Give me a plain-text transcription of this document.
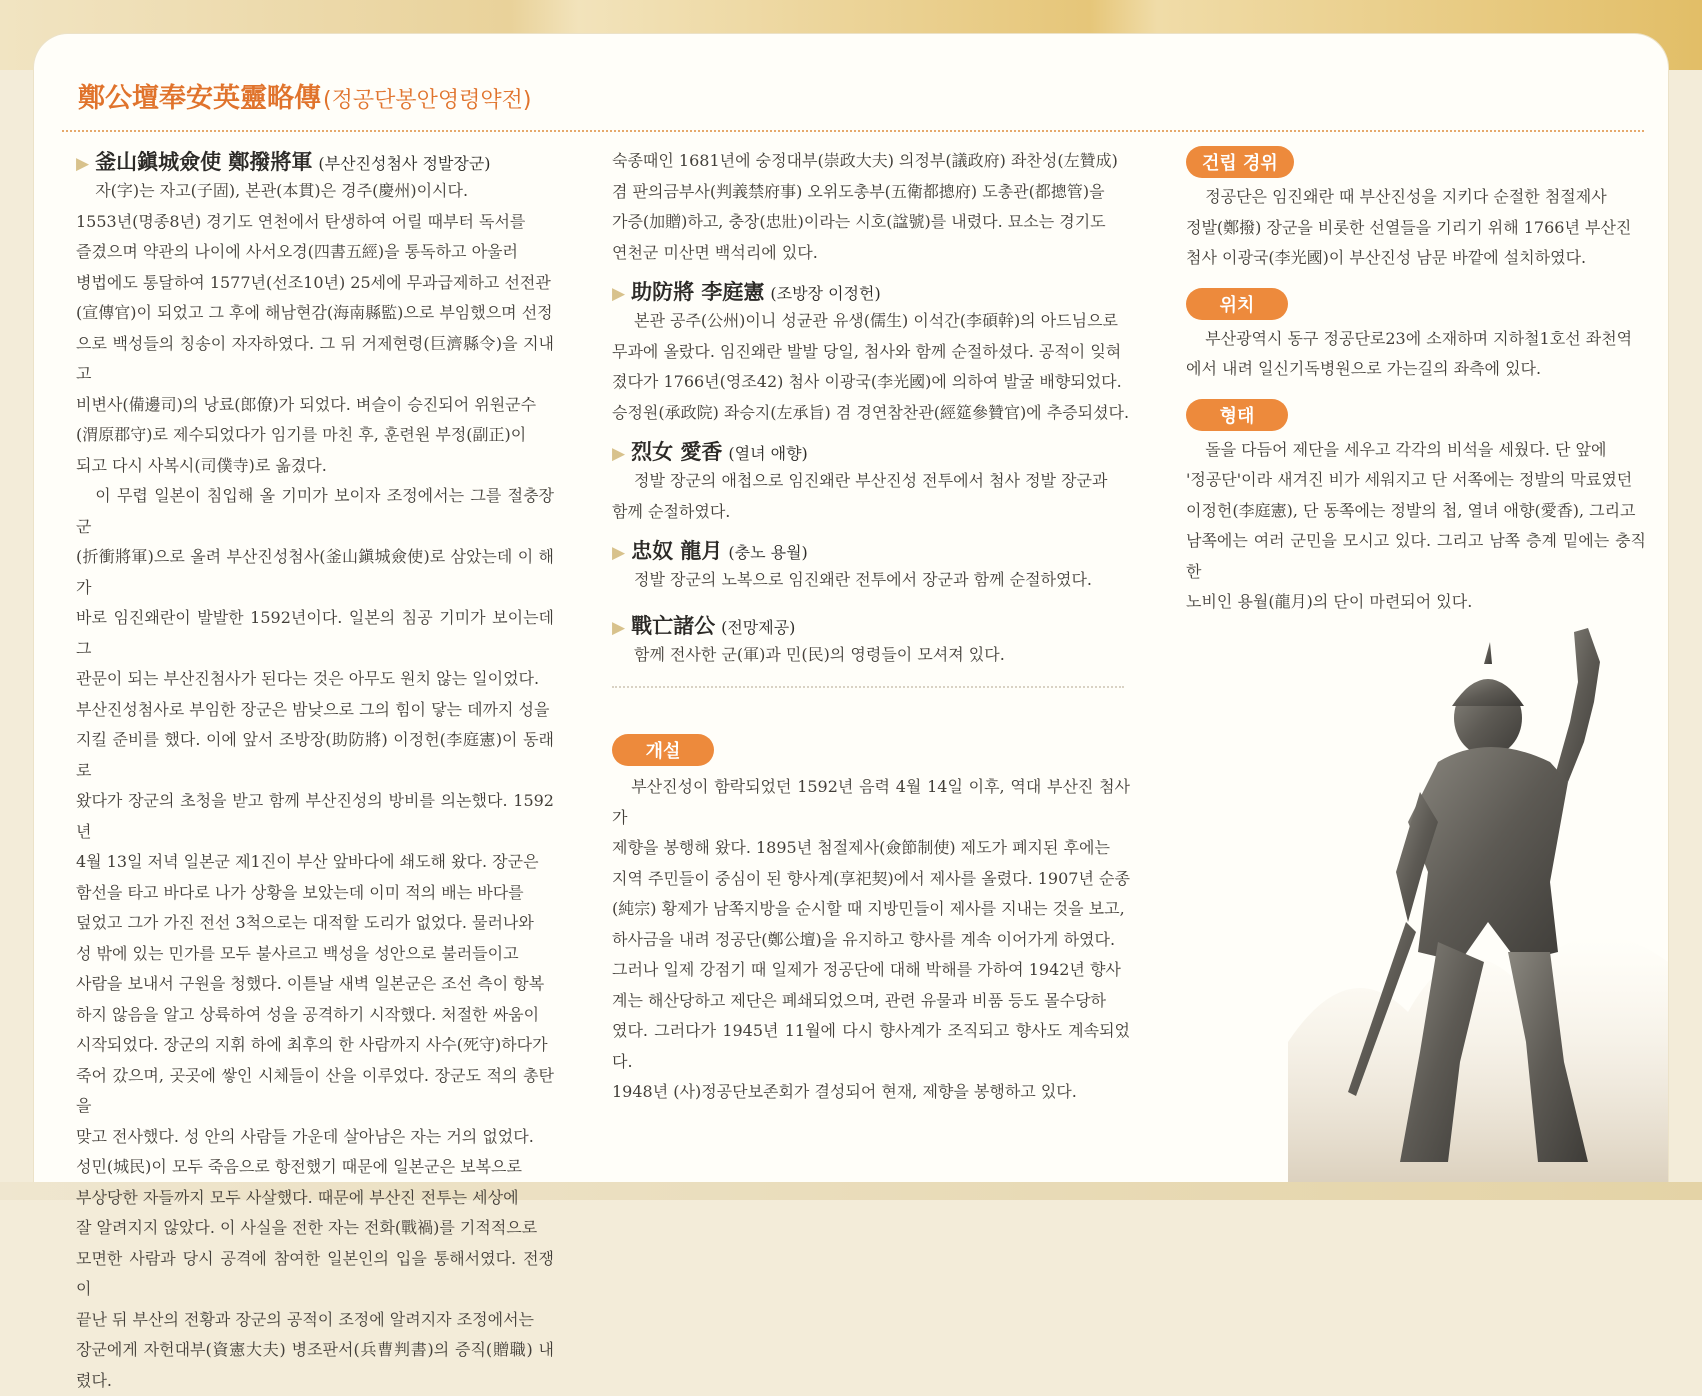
鄭公壇奉安英靈略傳(정공단봉안영령약전)
▶ 釜山鎭城僉使 鄭撥將軍 (부산진성첨사 정발장군)

자(字)는 자고(子固), 본관(本貫)은 경주(慶州)이시다.

1553년(명종8년) 경기도 연천에서 탄생하여 어릴 때부터 독서를

즐겼으며 약관의 나이에 사서오경(四書五經)을 통독하고 아울러

병법에도 통달하여 1577년(선조10년) 25세에 무과급제하고 선전관

(宣傳官)이 되었고 그 후에 해남현감(海南縣監)으로 부임했으며 선정

으로 백성들의 칭송이 자자하였다. 그 뒤 거제현령(巨濟縣令)을 지내고

비변사(備邊司)의 낭료(郎僚)가 되었다. 벼슬이 승진되어 위원군수

(渭原郡守)로 제수되었다가 임기를 마친 후, 훈련원 부정(副正)이

되고 다시 사복시(司僕寺)로 옮겼다.

이 무렵 일본이 침입해 올 기미가 보이자 조정에서는 그를 절충장군

(折衝將軍)으로 올려 부산진성첨사(釜山鎭城僉使)로 삼았는데 이 해가

바로 임진왜란이 발발한 1592년이다. 일본의 침공 기미가 보이는데 그

관문이 되는 부산진첨사가 된다는 것은 아무도 원치 않는 일이었다.

부산진성첨사로 부임한 장군은 밤낮으로 그의 힘이 닿는 데까지 성을

지킬 준비를 했다. 이에 앞서 조방장(助防將) 이정헌(李庭憲)이 동래로

왔다가 장군의 초청을 받고 함께 부산진성의 방비를 의논했다. 1592년

4월 13일 저녁 일본군 제1진이 부산 앞바다에 쇄도해 왔다. 장군은

함선을 타고 바다로 나가 상황을 보았는데 이미 적의 배는 바다를

덮었고 그가 가진 전선 3척으로는 대적할 도리가 없었다. 물러나와

성 밖에 있는 민가를 모두 불사르고 백성을 성안으로 불러들이고

사람을 보내서 구원을 청했다. 이튿날 새벽 일본군은 조선 측이 항복

하지 않음을 알고 상륙하여 성을 공격하기 시작했다. 처절한 싸움이

시작되었다. 장군의 지휘 하에 최후의 한 사람까지 사수(死守)하다가

죽어 갔으며, 곳곳에 쌓인 시체들이 산을 이루었다. 장군도 적의 총탄을

맞고 전사했다. 성 안의 사람들 가운데 살아남은 자는 거의 없었다.

성민(城民)이 모두 죽음으로 항전했기 때문에 일본군은 보복으로

부상당한 자들까지 모두 사살했다. 때문에 부산진 전투는 세상에

잘 알려지지 않았다. 이 사실을 전한 자는 전화(戰禍)를 기적적으로

모면한 사람과 당시 공격에 참여한 일본인의 입을 통해서였다. 전쟁이

끝난 뒤 부산의 전황과 장군의 공적이 조정에 알려지자 조정에서는

장군에게 자헌대부(資憲大夫) 병조판서(兵曹判書)의 증직(贈職) 내렸다.

숙종때인 1681년에 숭정대부(崇政大夫) 의정부(議政府) 좌찬성(左贊成)

겸 판의금부사(判義禁府事) 오위도총부(五衛都摠府) 도총관(都摠管)을

가증(加贈)하고, 충장(忠壯)이라는 시호(諡號)를 내렸다. 묘소는 경기도

연천군 미산면 백석리에 있다.

▶ 助防將 李庭憲 (조방장 이정헌)

본관 공주(公州)이니 성균관 유생(儒生) 이석간(李碩幹)의 아드님으로

무과에 올랐다. 임진왜란 발발 당일, 첨사와 함께 순절하셨다. 공적이 잊혀

졌다가 1766년(영조42) 첨사 이광국(李光國)에 의하여 발굴 배향되었다.

승정원(承政院) 좌승지(左承旨) 겸 경연참찬관(經筵參贊官)에 추증되셨다.

▶ 烈女 愛香 (열녀 애향)

정발 장군의 애첩으로 임진왜란 부산진성 전투에서 첨사 정발 장군과

함께 순절하였다.

▶ 忠奴 龍月 (충노 용월)

정발 장군의 노복으로 임진왜란 전투에서 장군과 함께 순절하였다.

▶ 戰亡諸公 (전망제공)

함께 전사한 군(軍)과 민(民)의 영령들이 모셔져 있다.

개설

부산진성이 함락되었던 1592년 음력 4월 14일 이후, 역대 부산진 첨사가

제향을 봉행해 왔다. 1895년 첨절제사(僉節制使) 제도가 폐지된 후에는

지역 주민들이 중심이 된 향사계(享祀契)에서 제사를 올렸다. 1907년 순종

(純宗) 황제가 남쪽지방을 순시할 때 지방민들이 제사를 지내는 것을 보고,

하사금을 내려 정공단(鄭公壇)을 유지하고 향사를 계속 이어가게 하였다.

그러나 일제 강점기 때 일제가 정공단에 대해 박해를 가하여 1942년 향사

계는 해산당하고 제단은 폐쇄되었으며, 관련 유물과 비품 등도 몰수당하

였다. 그러다가 1945년 11월에 다시 향사계가 조직되고 향사도 계속되었다.

1948년 (사)정공단보존회가 결성되어 현재, 제향을 봉행하고 있다.

건립 경위

정공단은 임진왜란 때 부산진성을 지키다 순절한 첨절제사

정발(鄭撥) 장군을 비롯한 선열들을 기리기 위해 1766년 부산진

첨사 이광국(李光國)이 부산진성 남문 바깥에 설치하였다.

위치

부산광역시 동구 정공단로23에 소재하며 지하철1호선 좌천역

에서 내려 일신기독병원으로 가는길의 좌측에 있다.

형태

돌을 다듬어 제단을 세우고 각각의 비석을 세웠다. 단 앞에

'정공단'이라 새겨진 비가 세워지고 단 서쪽에는 정발의 막료였던

이정헌(李庭憲), 단 동쪽에는 정발의 첩, 열녀 애향(愛香), 그리고

남쪽에는 여러 군민을 모시고 있다. 그리고 남쪽 층계 밑에는 충직한

노비인 용월(龍月)의 단이 마련되어 있다.
